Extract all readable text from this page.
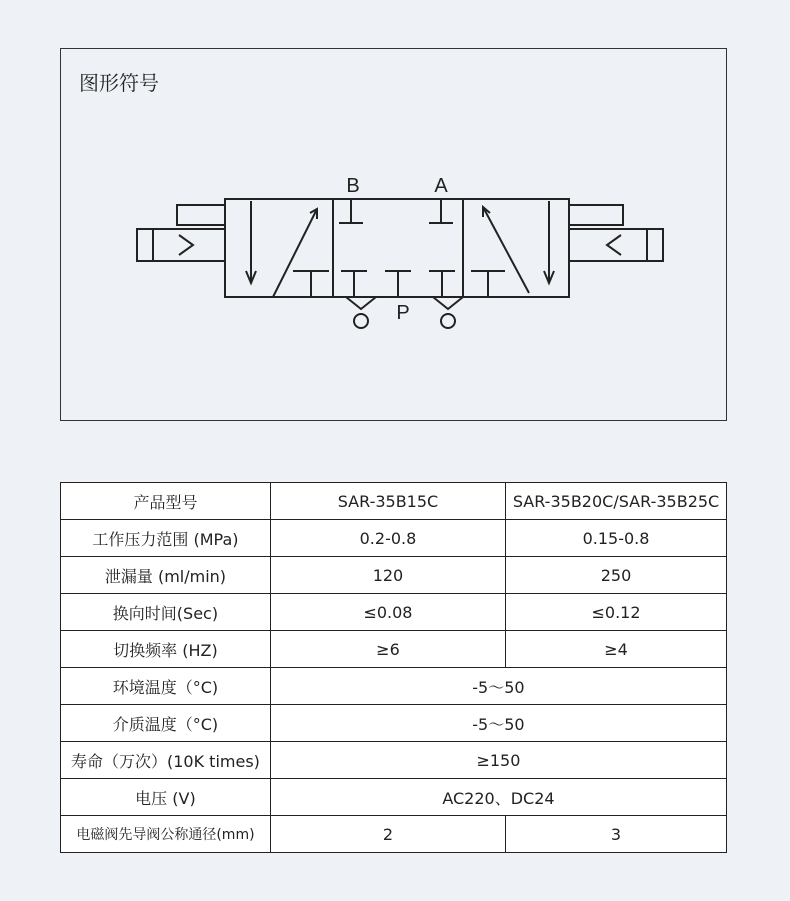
图形符号
B	A
P
产品型号	SAR-35B15C	SAR-35B20C/SAR-35B25C
工作压力范围 (MPa)	0.2-0.8	0.15-0.8
泄漏量 (ml/min)	120	250
换向时间(Sec)	≤0.08	≤0.12
切换频率 (HZ)	≥6	≥4
环境温度（°C)	-5～50	
介质温度（°C)	-5～50	
寿命（万次）(10K times)	≥150	
电压 (V)	AC220、DC24	
电磁阀先导阀公称通径(mm)	2	3
